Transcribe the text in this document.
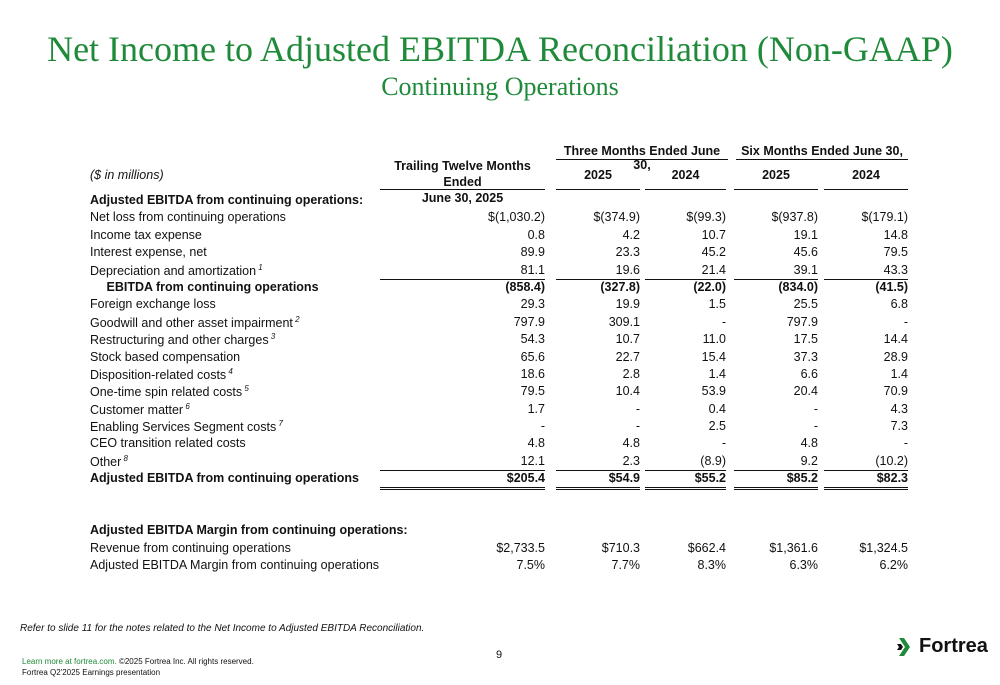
Net Income to Adjusted EBITDA Reconciliation (Non-GAAP)
Continuing Operations
Three Months Ended June 30,
Six Months Ended June 30,
($ in millions)
Trailing Twelve Months Ended
June 30, 2025
2025	2024	2025	2024
Adjusted EBITDA from continuing operations:
Net loss from continuing operations	$(1,030.2)	$(374.9)	$(99.3)	$(937.8)	$(179.1)
Income tax expense	0.8	4.2	10.7	19.1	14.8
Interest expense, net	89.9	23.3	45.2	45.6	79.5
Depreciation and amortization $^1$	81.1	19.6	21.4	39.1	43.3
EBITDA from continuing operations	(858.4)	(327.8)	(22.0)	(834.0)	(41.5)
Foreign exchange loss	29.3	19.9	1.5	25.5	6.8
Goodwill and other asset impairment $^2$	797.9	309.1	-	797.9	-
Restructuring and other charges $^3$	54.3	10.7	11.0	17.5	14.4
Stock based compensation	65.6	22.7	15.4	37.3	28.9
Disposition-related costs $^4$	18.6	2.8	1.4	6.6	1.4
One-time spin related costs $^5$	79.5	10.4	53.9	20.4	70.9
Customer matter $^6$	1.7	-	0.4	-	4.3
Enabling Services Segment costs $^7$	-	-	2.5	-	7.3
CEO transition related costs	4.8	4.8	-	4.8	-
Other $^8$	12.1	2.3	(8.9)	9.2	(10.2)
Adjusted EBITDA from continuing operations	$205.4	$54.9	$55.2	$85.2	$82.3
Adjusted EBITDA Margin from continuing operations:
Revenue from continuing operations	$2,733.5	$710.3	$662.4	$1,361.6	$1,324.5
Adjusted EBITDA Margin from continuing operations	7.5%	7.7%	8.3%	6.3%	6.2%
Refer to slide 11 for the notes related to the Net Income to Adjusted EBITDA Reconciliation.
9
Learn more at fortrea.com. ©2025 Fortrea Inc. All rights reserved.
Fortrea Q2'2025 Earnings presentation
Fortrea
